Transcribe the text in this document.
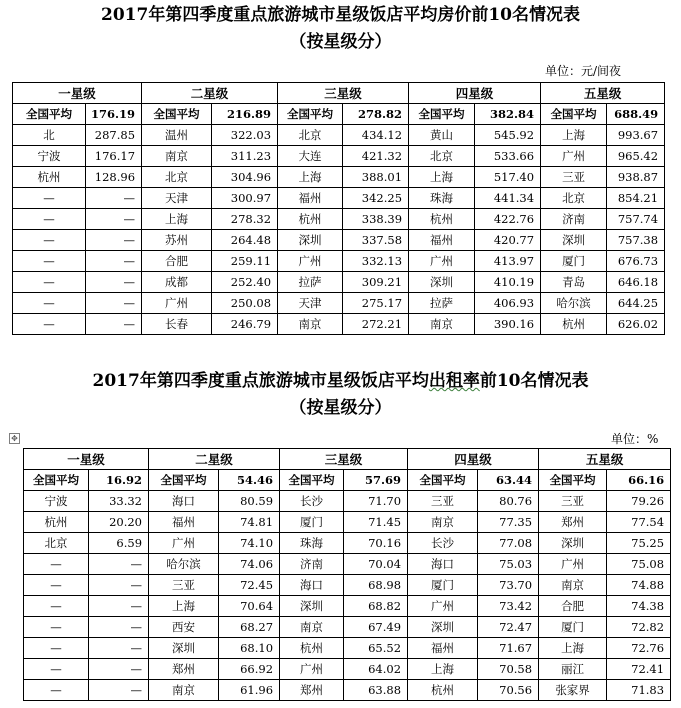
2017年第四季度重点旅游城市星级饭店平均房价前10名情况表
（按星级分）
单位：元/间夜
一星级		二星级		三星级		四星级		五星级	
全国平均	176.19	全国平均	216.89	全国平均	278.82	全国平均	382.84	全国平均	688.49
北	287.85	温州	322.03	北京	434.12	黄山	545.92	上海	993.67
宁波	176.17	南京	311.23	大连	421.32	北京	533.66	广州	965.42
杭州	128.96	北京	304.96	上海	388.01	上海	517.40	三亚	938.87
—	—	天津	300.97	福州	342.25	珠海	441.34	北京	854.21
—	—	上海	278.32	杭州	338.39	杭州	422.76	济南	757.74
—	—	苏州	264.48	深圳	337.58	福州	420.77	深圳	757.38
—	—	合肥	259.11	广州	332.13	广州	413.97	厦门	676.73
—	—	成都	252.40	拉萨	309.21	深圳	410.19	青岛	646.18
—	—	广州	250.08	天津	275.17	拉萨	406.93	哈尔滨	644.25
—	—	长春	246.79	南京	272.21	南京	390.16	杭州	626.02
2017年第四季度重点旅游城市星级饭店平均出租率前10名情况表
（按星级分）
单位：%
✥
一星级		二星级		三星级		四星级		五星级	
全国平均	16.92	全国平均	54.46	全国平均	57.69	全国平均	63.44	全国平均	66.16
宁波	33.32	海口	80.59	长沙	71.70	三亚	80.76	三亚	79.26
杭州	20.20	福州	74.81	厦门	71.45	南京	77.35	郑州	77.54
北京	6.59	广州	74.10	珠海	70.16	长沙	77.08	深圳	75.25
—	—	哈尔滨	74.06	济南	70.04	海口	75.03	广州	75.08
—	—	三亚	72.45	海口	68.98	厦门	73.70	南京	74.88
—	—	上海	70.64	深圳	68.82	广州	73.42	合肥	74.38
—	—	西安	68.27	南京	67.49	深圳	72.47	厦门	72.82
—	—	深圳	68.10	杭州	65.52	福州	71.67	上海	72.76
—	—	郑州	66.92	广州	64.02	上海	70.58	丽江	72.41
—	—	南京	61.96	郑州	63.88	杭州	70.56	张家界	71.83
